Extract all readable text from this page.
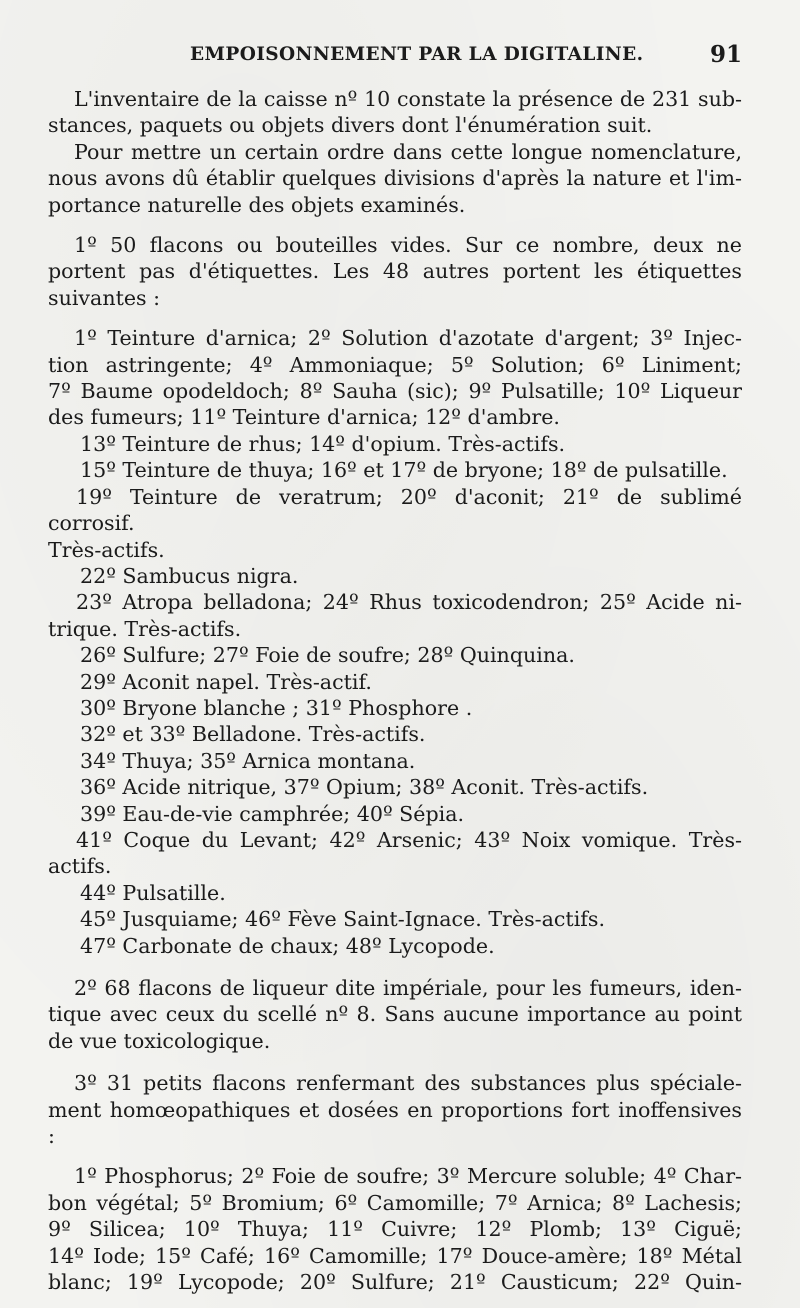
EMPOISONNEMENT PAR LA DIGITALINE.	91

L'inventaire de la caisse nº 10 constate la présence de 231 sub-

stances, paquets ou objets divers dont l'énumération suit.

Pour mettre un certain ordre dans cette longue nomenclature,

nous avons dû établir quelques divisions d'après la nature et l'im-

portance naturelle des objets examinés.

1º 50 flacons ou bouteilles vides. Sur ce nombre, deux ne

portent pas d'étiquettes. Les 48 autres portent les étiquettes

suivantes :

1º Teinture d'arnica; 2º Solution d'azotate d'argent; 3º Injec-

tion astringente; 4º Ammoniaque; 5º Solution; 6º Liniment;

7º Baume opodeldoch; 8º Sauha (sic); 9º Pulsatille; 10º Liqueur

des fumeurs; 11º Teinture d'arnica; 12º d'ambre.

13º Teinture de rhus; 14º d'opium. Très-actifs.

15º Teinture de thuya; 16º et 17º de bryone; 18º de pulsatille.

19º Teinture de veratrum; 20º d'aconit; 21º de sublimé corrosif.

Très-actifs.

22º Sambucus nigra.

23º Atropa belladona; 24º Rhus toxicodendron; 25º Acide ni-

trique. Très-actifs.

26º Sulfure; 27º Foie de soufre; 28º Quinquina.

29º Aconit napel. Très-actif.

30º Bryone blanche ; 31º Phosphore .

32º et 33º Belladone. Très-actifs.

34º Thuya; 35º Arnica montana.

36º Acide nitrique, 37º Opium; 38º Aconit. Très-actifs.

39º Eau-de-vie camphrée; 40º Sépia.

41º Coque du Levant; 42º Arsenic; 43º Noix vomique. Très-

actifs.

44º Pulsatille.

45º Jusquiame; 46º Fève Saint-Ignace. Très-actifs.

47º Carbonate de chaux; 48º Lycopode.

2º 68 flacons de liqueur dite impériale, pour les fumeurs, iden-

tique avec ceux du scellé nº 8. Sans aucune importance au point

de vue toxicologique.

3º 31 petits flacons renfermant des substances plus spéciale-

ment homœopathiques et dosées en proportions fort inoffensives :

1º Phosphorus; 2º Foie de soufre; 3º Mercure soluble; 4º Char-

bon végétal; 5º Bromium; 6º Camomille; 7º Arnica; 8º Lachesis;

9º Silicea; 10º Thuya; 11º Cuivre; 12º Plomb; 13º Ciguë;

14º Iode; 15º Café; 16º Camomille; 17º Douce-amère; 18º Métal

blanc; 19º Lycopode; 20º Sulfure; 21º Causticum; 22º Quin-
